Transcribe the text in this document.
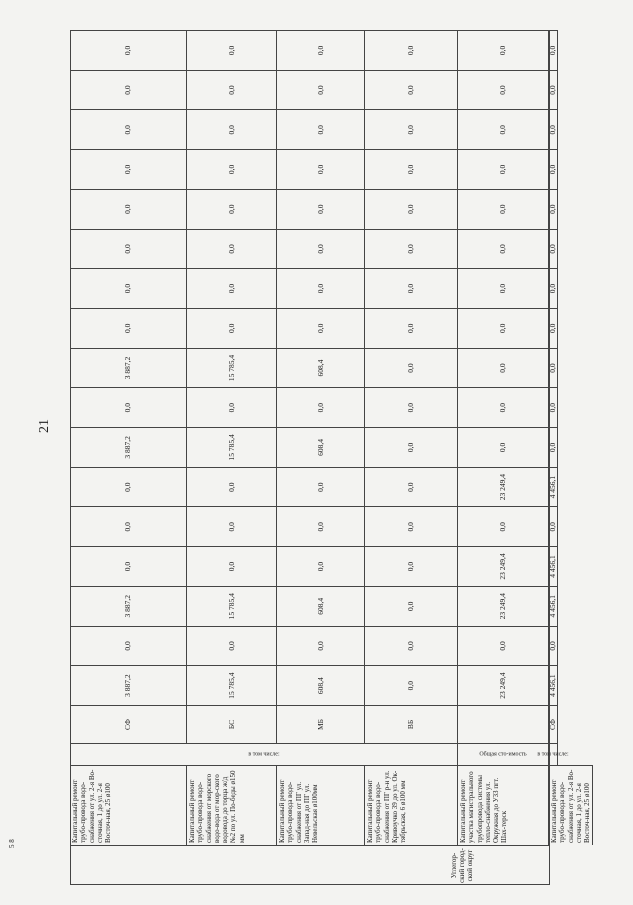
21
5 8
Углегор-ский город-ской округ
в том числе:
Капитальный ремонт трубо-провода водо-снабжения от ул. 2-я Во-сточная, 1 до ул. 2-я Восточ-ная, 25 ø100
СФ
3 887,2
0,0
3 887,2
0,0
0,0
0,0
3 887,2
0,0
3 887,2
0,0
0,0
0,0
0,0
0,0
0,0
0,0
0,0
Капитальный ремонт трубо-провода водо-снабжения от морского водо-вода от мор-ского водовода до торца ж/д №2 по ул. По-беды ø150 мм
БС
15 785,4
0,0
15 785,4
0,0
0,0
0,0
15 785,4
0,0
15 785,4
0,0
0,0
0,0
0,0
0,0
0,0
0,0
0,0
Капитальный ремонт трубо-провода водо-снабжения от ПГ ул. Запад-ная до ПГ ул. Невельская ø100мм
МБ
608,4
0,0
608,4
0,0
0,0
0,0
608,4
0,0
608,4
0,0
0,0
0,0
0,0
0,0
0,0
0,0
0,0
Капитальный ремонт трубо-провода водо-снабжения от ПГ р-н ул. Кривоучко 39 до ул. Ок-тябрьская, 6 ø100 мм
ВБ
0,0
0,0
0,0
0,0
0,0
0,0
0,0
0,0
0,0
0,0
0,0
0,0
0,0
0,0
0,0
0,0
0,0
Общая сто-имость
Капитальный ремонт участка магистрального трубопровода системы тепло-снабжения ул. Окружная до УЗЗ пгт. Шах-терск
23 249,4
0,0
23 249,4
23 249,4
0,0
23 249,4
0,0
0,0
0,0
0,0
0,0
0,0
0,0
0,0
0,0
0,0
0,0
в том числе:
Капитальный ремонт трубо-провода водо-снабжения от ул. 2-я Во-сточная, 1 до ул. 2-я Восточ-ная, 25 ø100
СФ
4 456,1
0,0
4 456,1
4 456,1
0,0
4 456,1
0,0
0,0
0,0
0,0
0,0
0,0
0,0
0,0
0,0
0,0
0,0
